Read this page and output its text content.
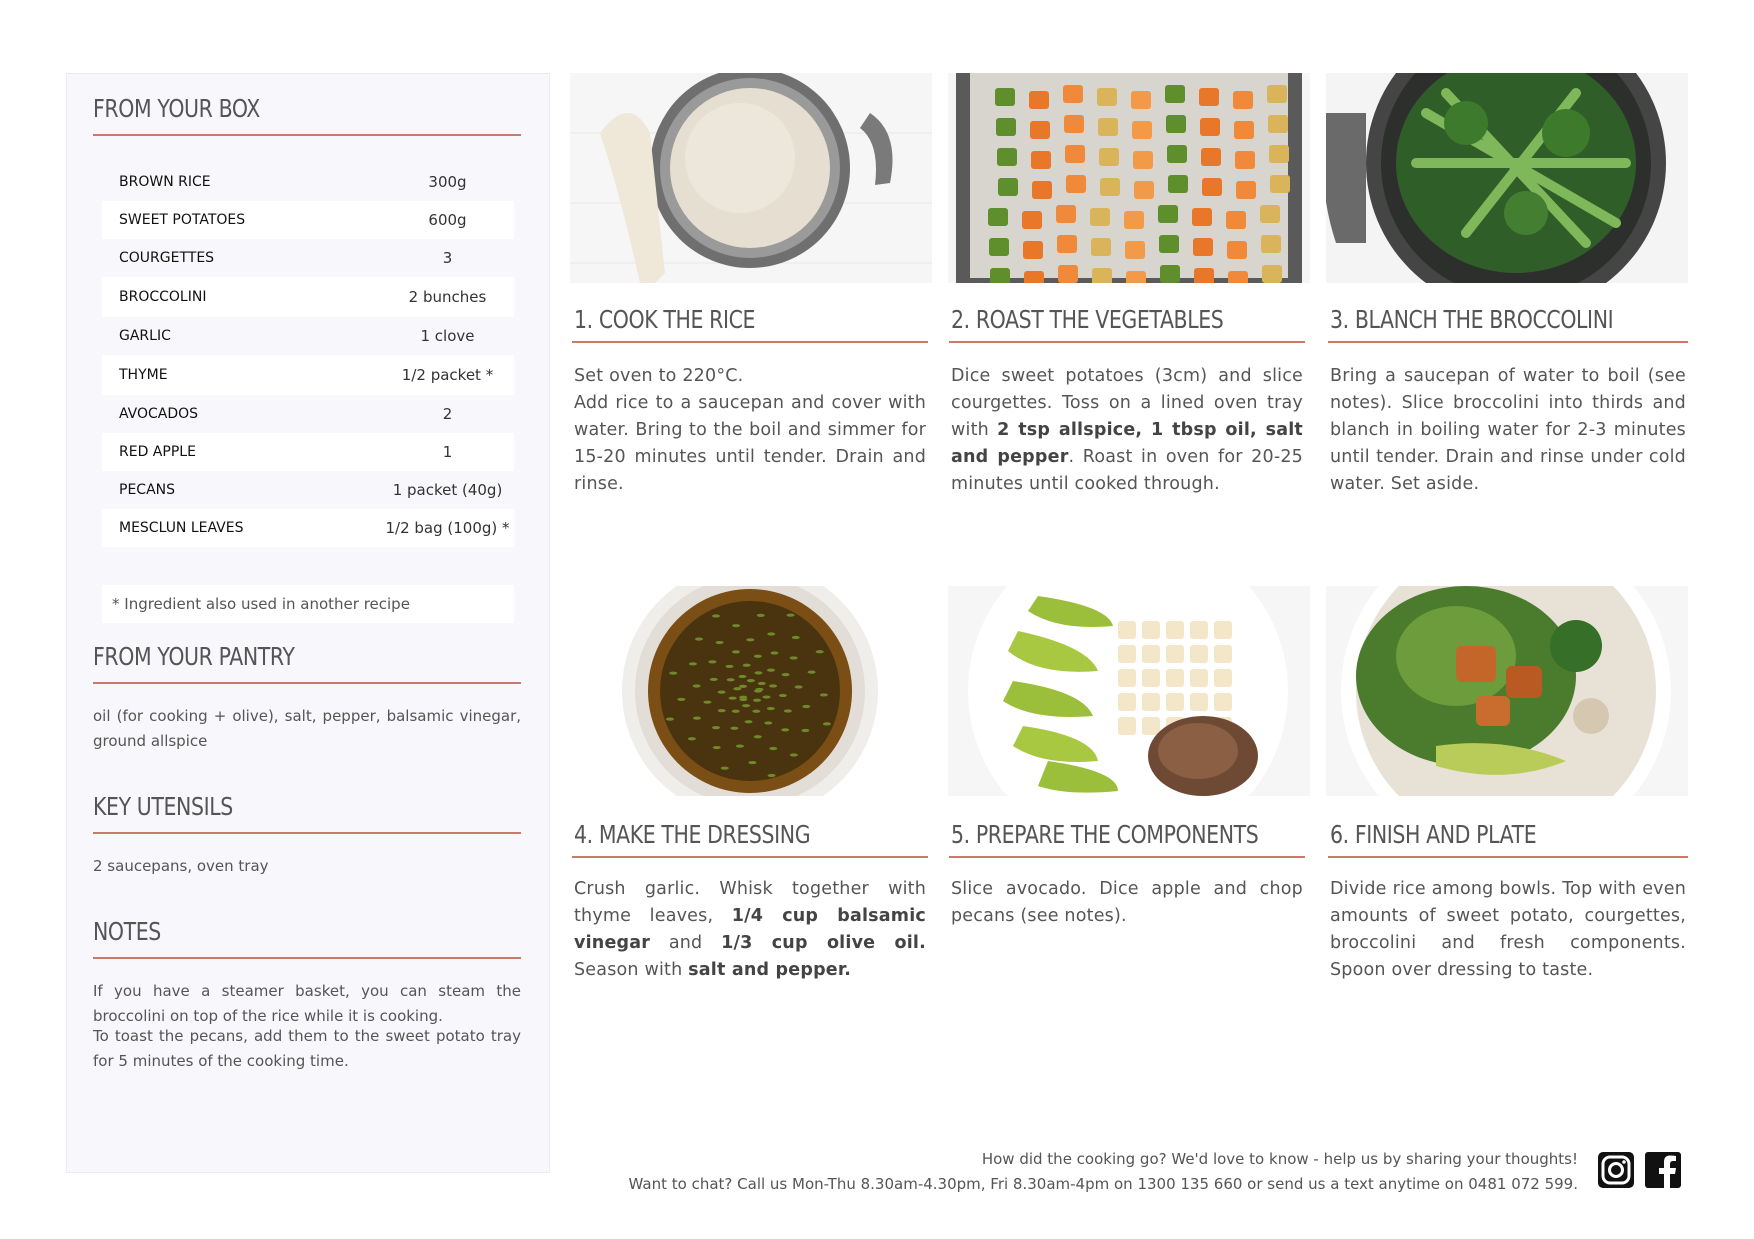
FROM YOUR BOX
BROWN RICE	300g
SWEET POTATOES	600g
COURGETTES	3
BROCCOLINI	2 bunches
GARLIC	1 clove
THYME	1/2 packet *
AVOCADOS	2
RED APPLE	1
PECANS	1 packet (40g)
MESCLUN LEAVES	1/2 bag (100g) *
* Ingredient also used in another recipe
FROM YOUR PANTRY
oil (for cooking + olive), salt, pepper, balsamic vinegar, ground allspice
KEY UTENSILS
2 saucepans, oven tray
NOTES
If you have a steamer basket, you can steam the broccolini on top of the rice while it is cooking.
To toast the pecans, add them to the sweet potato tray for 5 minutes of the cooking time.
1. COOK THE RICE
Set oven to 220°C.
Add rice to a saucepan and cover with water. Bring to the boil and simmer for 15-20 minutes until tender. Drain and rinse.
2. ROAST THE VEGETABLES
Dice sweet potatoes (3cm) and slice courgettes. Toss on a lined oven tray with 2 tsp allspice, 1 tbsp oil, salt and pepper. Roast in oven for 20-25 minutes until cooked through.
3. BLANCH THE BROCCOLINI
Bring a saucepan of water to boil (see notes). Slice broccolini into thirds and blanch in boiling water for 2-3 minutes until tender. Drain and rinse under cold water. Set aside.
4. MAKE THE DRESSING
Crush garlic. Whisk together with thyme leaves, 1/4 cup balsamic vinegar and 1/3 cup olive oil. Season with salt and pepper.
5. PREPARE THE COMPONENTS
Slice avocado. Dice apple and chop pecans (see notes).
6. FINISH AND PLATE
Divide rice among bowls. Top with even amounts of sweet potato, courgettes, broccolini and fresh components. Spoon over dressing to taste.
How did the cooking go? We'd love to know - help us by sharing your thoughts!
Want to chat? Call us Mon-Thu 8.30am-4.30pm, Fri 8.30am-4pm on 1300 135 660 or send us a text anytime on 0481 072 599.
